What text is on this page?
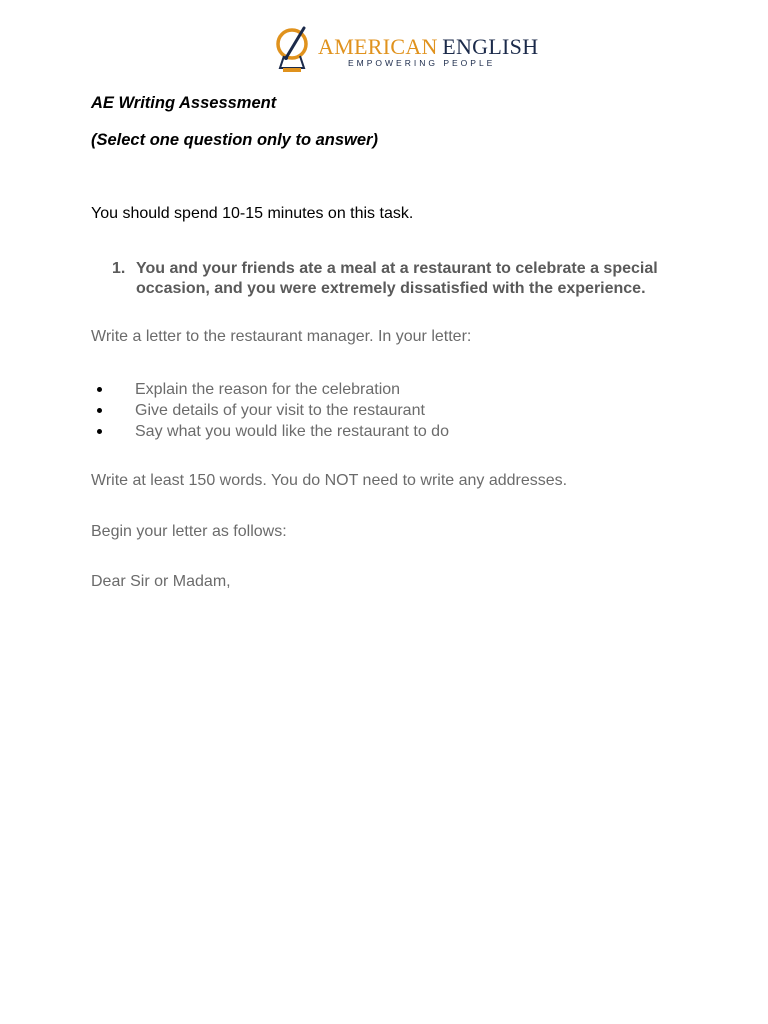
AMERICAN ENGLISH
EMPOWERING PEOPLE
AE Writing Assessment
(Select one question only to answer)
You should spend 10-15 minutes on this task.
1. You and your friends ate a meal at a restaurant to celebrate a special occasion, and you were extremely dissatisfied with the experience.
Write a letter to the restaurant manager. In your letter:
Explain the reason for the celebration
Give details of your visit to the restaurant
Say what you would like the restaurant to do
Write at least 150 words. You do NOT need to write any addresses.
Begin your letter as follows:
Dear Sir or Madam,
